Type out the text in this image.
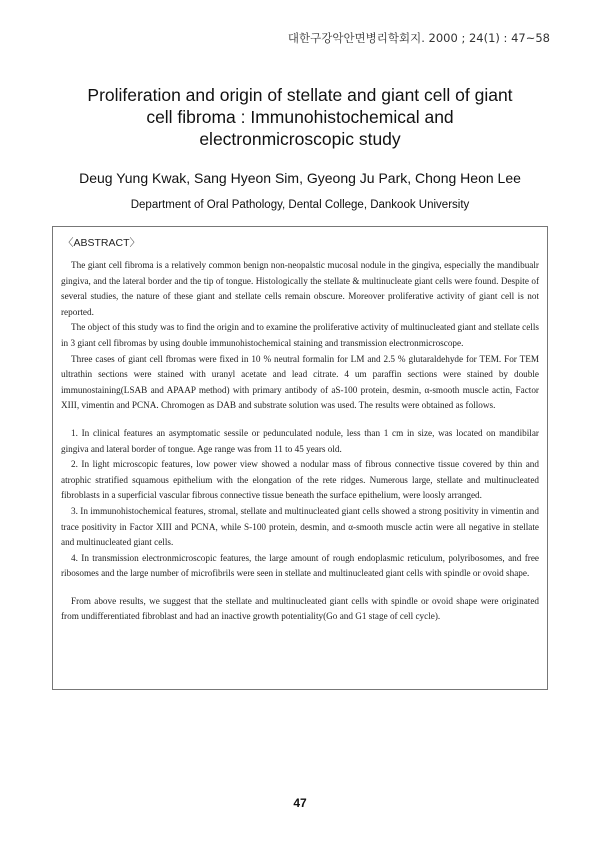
대한구강악안면병리학회지. 2000 ; 24(1) : 47~58
Proliferation and origin of stellate and giant cell of giant
cell fibroma : Immunohistochemical and
electronmicroscopic study
Deug Yung Kwak, Sang Hyeon Sim, Gyeong Ju Park, Chong Heon Lee
Department of Oral Pathology, Dental College, Dankook University
〈ABSTRACT〉

The giant cell fibroma is a relatively common benign non-neopalstic mucosal nodule in the gingiva, especially the mandibualr gingiva, and the lateral border and the tip of tongue. Histologically the stellate & multinucleate giant cells were found. Despite of several studies, the nature of these giant and stellate cells remain obscure. Moreover proliferative activity of giant cell is not reported.

The object of this study was to find the origin and to examine the proliferative activity of multinucleated giant and stellate cells in 3 giant cell fibromas by using double immunohistochemical staining and transmission electronmicroscope.

Three cases of giant cell fbromas were fixed in 10 % neutral formalin for LM and 2.5 % glutaraldehyde for TEM. For TEM ultrathin sections were stained with uranyl acetate and lead citrate. 4 um paraffin sections were stained by double immunostaining(LSAB and APAAP method) with primary antibody of aS-100 protein, desmin, α-smooth muscle actin, Factor XIII, vimentin and PCNA. Chromogen as DAB and substrate solution was used. The results were obtained as follows.

1. In clinical features an asymptomatic sessile or pedunculated nodule, less than 1 cm in size, was located on mandibilar gingiva and lateral border of tongue. Age range was from 11 to 45 years old.

2. In light microscopic features, low power view showed a nodular mass of fibrous connective tissue covered by thin and atrophic stratified squamous epithelium with the elongation of the rete ridges. Numerous large, stellate and multinucleated fibroblasts in a superficial vascular fibrous connective tissue beneath the surface epithelium, were loosly arranged.

3. In immunohistochemical features, stromal, stellate and multinucleated giant cells showed a strong positivity in vimentin and trace positivity in Factor XIII and PCNA, while S-100 protein, desmin, and α-smooth muscle actin were all negative in stellate and multinucleated giant cells.

4. In transmission electronmicroscopic features, the large amount of rough endoplasmic reticulum, polyribosomes, and free ribosomes and the large number of microfibrils were seen in stellate and multinucleated giant cells with spindle or ovoid shape.

From above results, we suggest that the stellate and multinucleated giant cells with spindle or ovoid shape were originated from undifferentiated fibroblast and had an inactive growth potentiality(Go and G1 stage of cell cycle).

47
